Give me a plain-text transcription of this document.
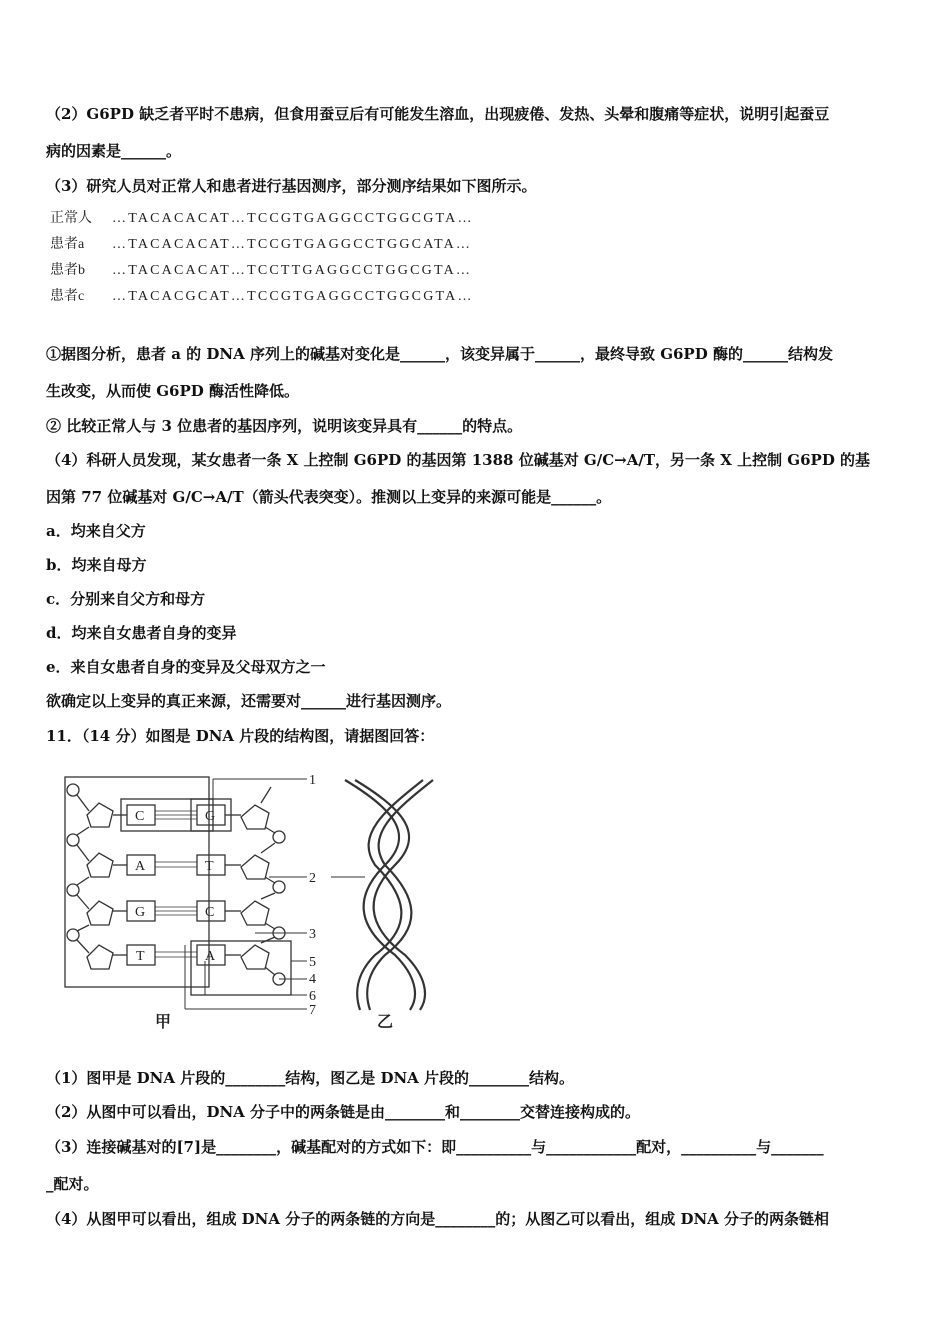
（2）G6PD 缺乏者平时不患病，但食用蚕豆后有可能发生溶血，出现疲倦、发热、头晕和腹痛等症状，说明引起蚕豆
病的因素是______。
（3）研究人员对正常人和患者进行基因测序，部分测序结果如下图所示。
正常人 …TACACACAT…TCCGTGAGGCCTGGCGTA…
患者a …TACACACAT…TCCGTGAGGCCTGGCATA…
患者b …TACACACAT…TCCTTGAGGCCTGGCGTA…
患者c …TACACGCAT…TCCGTGAGGCCTGGCGTA…
①据图分析，患者 a 的 DNA 序列上的碱基对变化是______，该变异属于______，最终导致 G6PD 酶的______结构发
生改变，从而使 G6PD 酶活性降低。
② 比较正常人与 3 位患者的基因序列，说明该变异具有______的特点。
（4）科研人员发现，某女患者一条 X 上控制 G6PD 的基因第 1388 位碱基对 G/C→A/T，另一条 X 上控制 G6PD 的基
因第 77 位碱基对 G/C→A/T（箭头代表突变）。推测以上变异的来源可能是______。
a．均来自父方
b．均来自母方
c．分别来自父方和母方
d．均来自女患者自身的变异
e．来自女患者自身的变异及父母双方之一
欲确定以上变异的真正来源，还需要对______进行基因测序。
11．（14 分）如图是 DNA 片段的结构图，请据图回答：
C
A
G
T
G
T
C
A
1
2
3
4
5
6
7
甲	乙
（1）图甲是 DNA 片段的________结构，图乙是 DNA 片段的________结构。
（2）从图中可以看出，DNA 分子中的两条链是由________和________交替连接构成的。
（3）连接碱基对的[7]是________，碱基配对的方式如下：即__________与____________配对，__________与_______
_配对。
（4）从图甲可以看出，组成 DNA 分子的两条链的方向是________的；从图乙可以看出，组成 DNA 分子的两条链相
